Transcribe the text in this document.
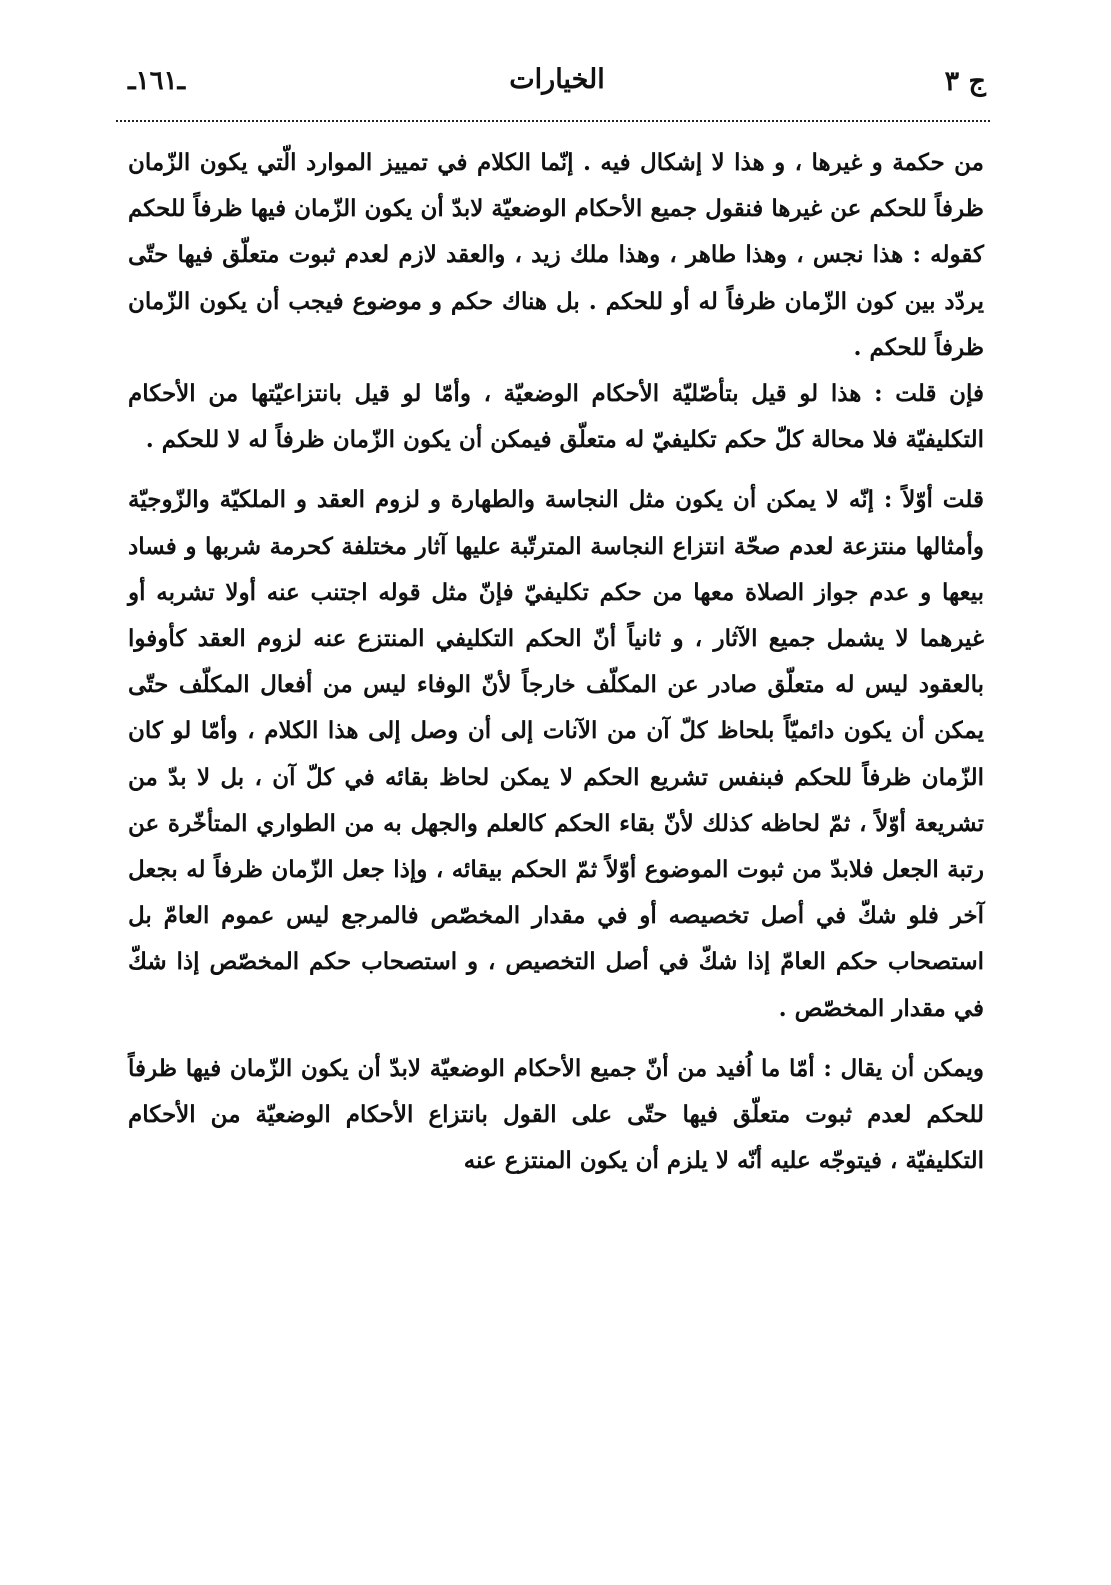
ـ١٦١ـ	الخيارات	ج ٣

من حكمة و غيرها ، و هذا لا إشكال فيه . إنّما الكلام في تمييز الموارد الّتي يكون الزّمان ظرفاً للحكم عن غيرها فنقول جميع الأحكام الوضعيّة لابدّ أن يكون الزّمان فيها ظرفاً للحكم كقوله : هذا نجس ، وهذا طاهر ، وهذا ملك زيد ، والعقد لازم لعدم ثبوت متعلّق فيها حتّى يردّد بين كون الزّمان ظرفاً له أو للحكم . بل هناك حكم و موضوع فيجب أن يكون الزّمان ظرفاً للحكم .

فإن قلت : هذا لو قيل بتأصّليّة الأحكام الوضعيّة ، وأمّا لو قيل بانتزاعيّتها من الأحكام التكليفيّة فلا محالة كلّ حكم تكليفيّ له متعلّق فيمكن أن يكون الزّمان ظرفاً له لا للحكم .

قلت أوّلاً : إنّه لا يمكن أن يكون مثل النجاسة والطهارة و لزوم العقد و الملكيّة والزّوجيّة وأمثالها منتزعة لعدم صحّة انتزاع النجاسة المترتّبة عليها آثار مختلفة كحرمة شربها و فساد بيعها و عدم جواز الصلاة معها من حكم تكليفيّ فإنّ مثل قوله اجتنب عنه أولا تشربه أو غيرهما لا يشمل جميع الآثار ، و ثانياً أنّ الحكم التكليفي المنتزع عنه لزوم العقد كأوفوا بالعقود ليس له متعلّق صادر عن المكلّف خارجاً لأنّ الوفاء ليس من أفعال المكلّف حتّى يمكن أن يكون دائميّاً بلحاظ كلّ آن من الآنات إلى أن وصل إلى هذا الكلام ، وأمّا لو كان الزّمان ظرفاً للحكم فبنفس تشريع الحكم لا يمكن لحاظ بقائه في كلّ آن ، بل لا بدّ من تشريعة أوّلاً ، ثمّ لحاظه كذلك لأنّ بقاء الحكم كالعلم والجهل به من الطواري المتأخّرة عن رتبة الجعل فلابدّ من ثبوت الموضوع أوّلاً ثمّ الحكم بيقائه ، وإذا جعل الزّمان ظرفاً له بجعل آخر فلو شكّ في أصل تخصيصه أو في مقدار المخصّص فالمرجع ليس عموم العامّ بل استصحاب حكم العامّ إذا شكّ في أصل التخصيص ، و استصحاب حكم المخصّص إذا شكّ في مقدار المخصّص .

ويمكن أن يقال : أمّا ما اُفيد من أنّ جميع الأحكام الوضعيّة لابدّ أن يكون الزّمان فيها ظرفاً للحكم لعدم ثبوت متعلّق فيها حتّى على القول بانتزاع الأحكام الوضعيّة من الأحكام التكليفيّة ، فيتوجّه عليه أنّه لا يلزم أن يكون المنتزع عنه
